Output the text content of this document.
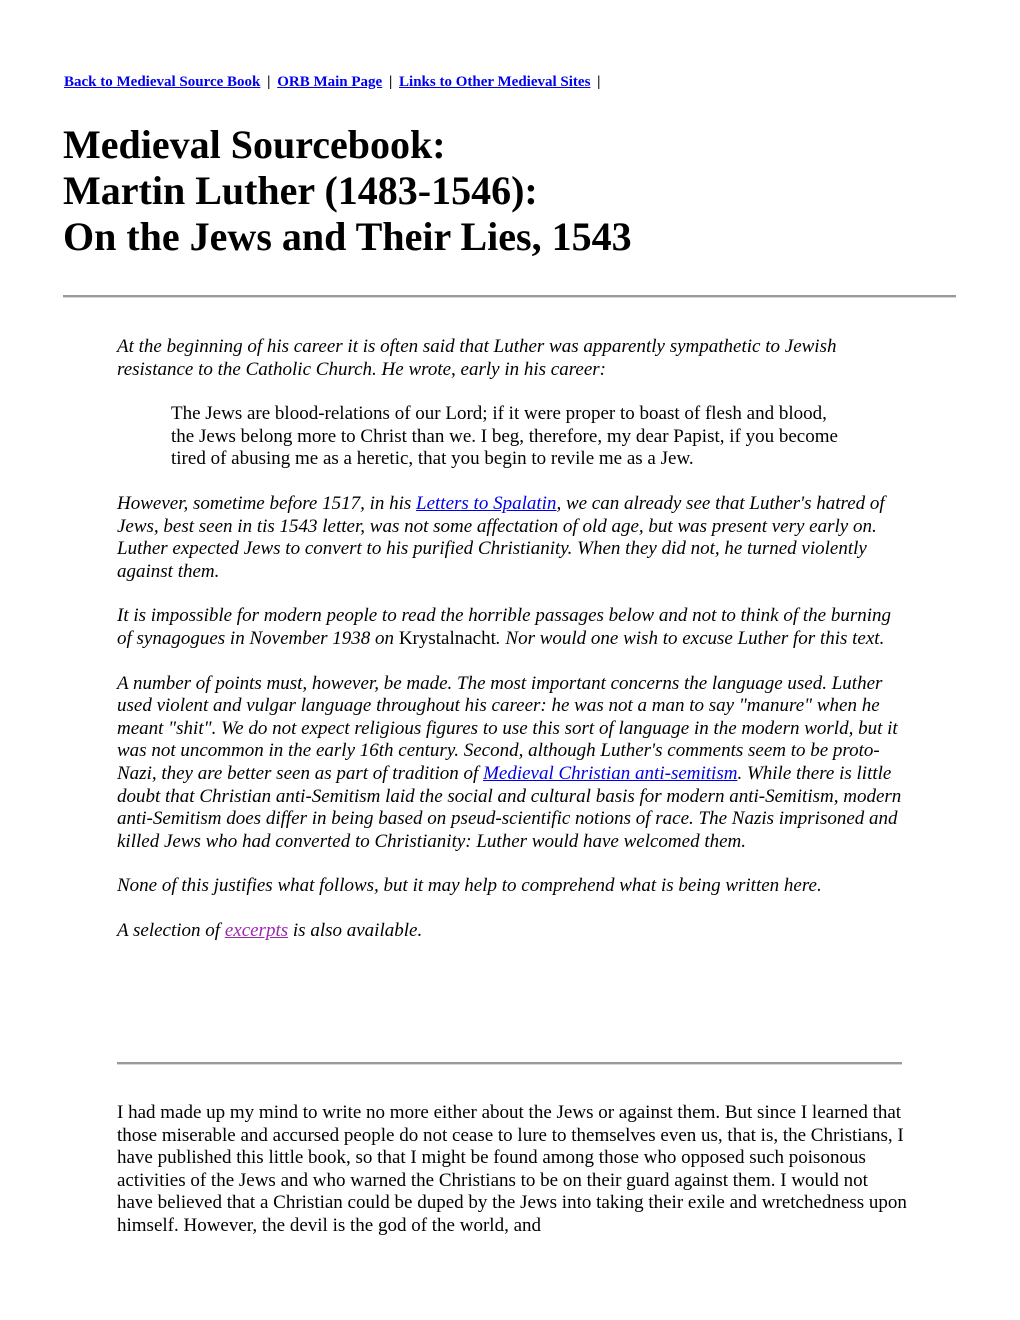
Back to Medieval Source Book | ORB Main Page | Links to Other Medieval Sites |
Medieval Sourcebook:
Martin Luther (1483-1546):
On the Jews and Their Lies, 1543

At the beginning of his career it is often said that Luther was apparently sympathetic to Jewish resistance to the Catholic Church. He wrote, early in his career:

The Jews are blood-relations of our Lord; if it were proper to boast of flesh and blood, the Jews belong more to Christ than we. I beg, therefore, my dear Papist, if you become tired of abusing me as a heretic, that you begin to revile me as a Jew.

However, sometime before 1517, in his Letters to Spalatin, we can already see that Luther's hatred of Jews, best seen in tis 1543 letter, was not some affectation of old age, but was present very early on. Luther expected Jews to convert to his purified Christianity. When they did not, he turned violently against them.

It is impossible for modern people to read the horrible passages below and not to think of the burning of synagogues in November 1938 on Krystalnacht. Nor would one wish to excuse Luther for this text.

A number of points must, however, be made. The most important concerns the language used. Luther used violent and vulgar language throughout his career: he was not a man to say "manure" when he meant "shit". We do not expect religious figures to use this sort of language in the modern world, but it was not uncommon in the early 16th century. Second, although Luther's comments seem to be proto-Nazi, they are better seen as part of tradition of Medieval Christian anti-semitism. While there is little doubt that Christian anti-Semitism laid the social and cultural basis for modern anti-Semitism, modern anti-Semitism does differ in being based on pseud-scientific notions of race. The Nazis imprisoned and killed Jews who had converted to Christianity: Luther would have welcomed them.

None of this justifies what follows, but it may help to comprehend what is being written here.

A selection of excerpts is also available.

I had made up my mind to write no more either about the Jews or against them. But since I learned that those miserable and accursed people do not cease to lure to themselves even us, that is, the Christians, I have published this little book, so that I might be found among those who opposed such poisonous activities of the Jews and who warned the Christians to be on their guard against them. I would not have believed that a Christian could be duped by the Jews into taking their exile and wretchedness upon himself. However, the devil is the god of the world, and
